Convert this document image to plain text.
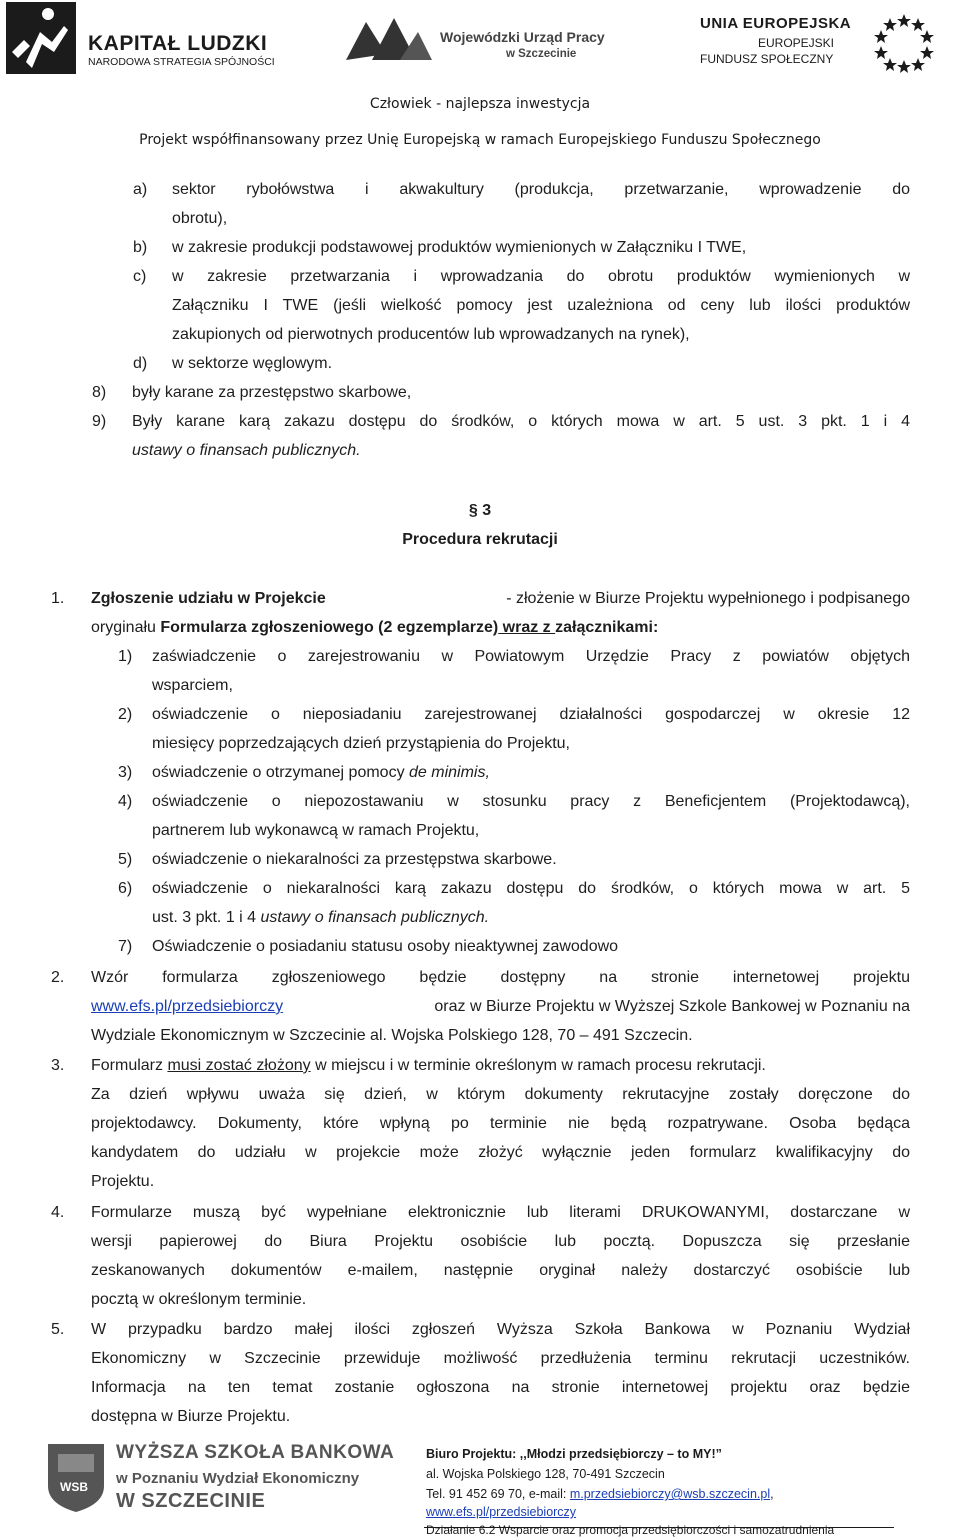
KAPITAŁ LUDZKI
NARODOWA STRATEGIA SPÓJNOŚCI
Wojewódzki Urząd Pracy
w Szczecinie
UNIA EUROPEJSKA
EUROPEJSKI
FUNDUSZ SPOŁECZNY
Człowiek - najlepsza inwestycja
Projekt współfinansowany przez Unię Europejską w ramach Europejskiego Funduszu Społecznego
a) sektor rybołówstwa i akwakultury (produkcja, przetwarzanie, wprowadzenie do
obrotu),
b) w zakresie produkcji podstawowej produktów wymienionych w Załączniku I TWE,
c) w zakresie przetwarzania i wprowadzania do obrotu produktów wymienionych w
Załączniku I TWE (jeśli wielkość pomocy jest uzależniona od ceny lub ilości produktów
zakupionych od pierwotnych producentów lub wprowadzanych na rynek),
d) w sektorze węglowym.
8) były karane za przestępstwo skarbowe,
9) Były karane karą zakazu dostępu do środków, o których mowa w art. 5 ust. 3 pkt. 1 i 4
ustawy o finansach publicznych.
§ 3
Procedura rekrutacji
1. Zgłoszenie udziału w Projekcie	- złożenie w Biurze Projektu wypełnionego i podpisanego
oryginału Formularza zgłoszeniowego (2 egzemplarze) wraz z załącznikami:
1) zaświadczenie o zarejestrowaniu w Powiatowym Urzędzie Pracy z powiatów objętych
wsparciem,
2) oświadczenie o nieposiadaniu zarejestrowanej działalności gospodarczej w okresie 12
miesięcy poprzedzających dzień przystąpienia do Projektu,
3) oświadczenie o otrzymanej pomocy de minimis,
4) oświadczenie o niepozostawaniu w stosunku pracy z Beneficjentem (Projektodawcą),
partnerem lub wykonawcą w ramach Projektu,
5) oświadczenie o niekaralności za przestępstwa skarbowe.
6) oświadczenie o niekaralności karą zakazu dostępu do środków, o których mowa w art. 5
ust. 3 pkt. 1 i 4 ustawy o finansach publicznych.
7) Oświadczenie o posiadaniu statusu osoby nieaktywnej zawodowo
2. Wzór formularza zgłoszeniowego będzie dostępny na stronie internetowej projektu
www.efs.pl/przedsiebiorczy	oraz w Biurze Projektu w Wyższej Szkole Bankowej w Poznaniu na
Wydziale Ekonomicznym w Szczecinie al. Wojska Polskiego 128, 70 – 491 Szczecin.
3. Formularz musi zostać złożony w miejscu i w terminie określonym w ramach procesu rekrutacji.
Za dzień wpływu uważa się dzień, w którym dokumenty rekrutacyjne zostały doręczone do
projektodawcy. Dokumenty, które wpłyną po terminie nie będą rozpatrywane. Osoba będąca
kandydatem do udziału w projekcie może złożyć wyłącznie jeden formularz kwalifikacyjny do
Projektu.
4. Formularze muszą być wypełniane elektronicznie lub literami DRUKOWANYMI, dostarczane w
wersji papierowej do Biura Projektu osobiście lub pocztą. Dopuszcza się przesłanie
zeskanowanych dokumentów e-mailem, następnie oryginał należy dostarczyć osobiście lub
pocztą w określonym terminie.
5. W przypadku bardzo małej ilości zgłoszeń Wyższa Szkoła Bankowa w Poznaniu Wydział
Ekonomiczny w Szczecinie przewiduje możliwość przedłużenia terminu rekrutacji uczestników.
Informacja na ten temat zostanie ogłoszona na stronie internetowej projektu oraz będzie
dostępna w Biurze Projektu.
WSB
WYŻSZA SZKOŁA BANKOWA
w Poznaniu Wydział Ekonomiczny
W SZCZECINIE
Biuro Projektu: ,,Młodzi przedsiębiorczy – to MY!”
al. Wojska Polskiego 128, 70-491 Szczecin
Tel. 91 452 69 70, e-mail: m.przedsiebiorczy@wsb.szczecin.pl,
www.efs.pl/przedsiebiorczy
Działanie 6.2 Wsparcie oraz promocja przedsiębiorczości i samozatrudnienia
